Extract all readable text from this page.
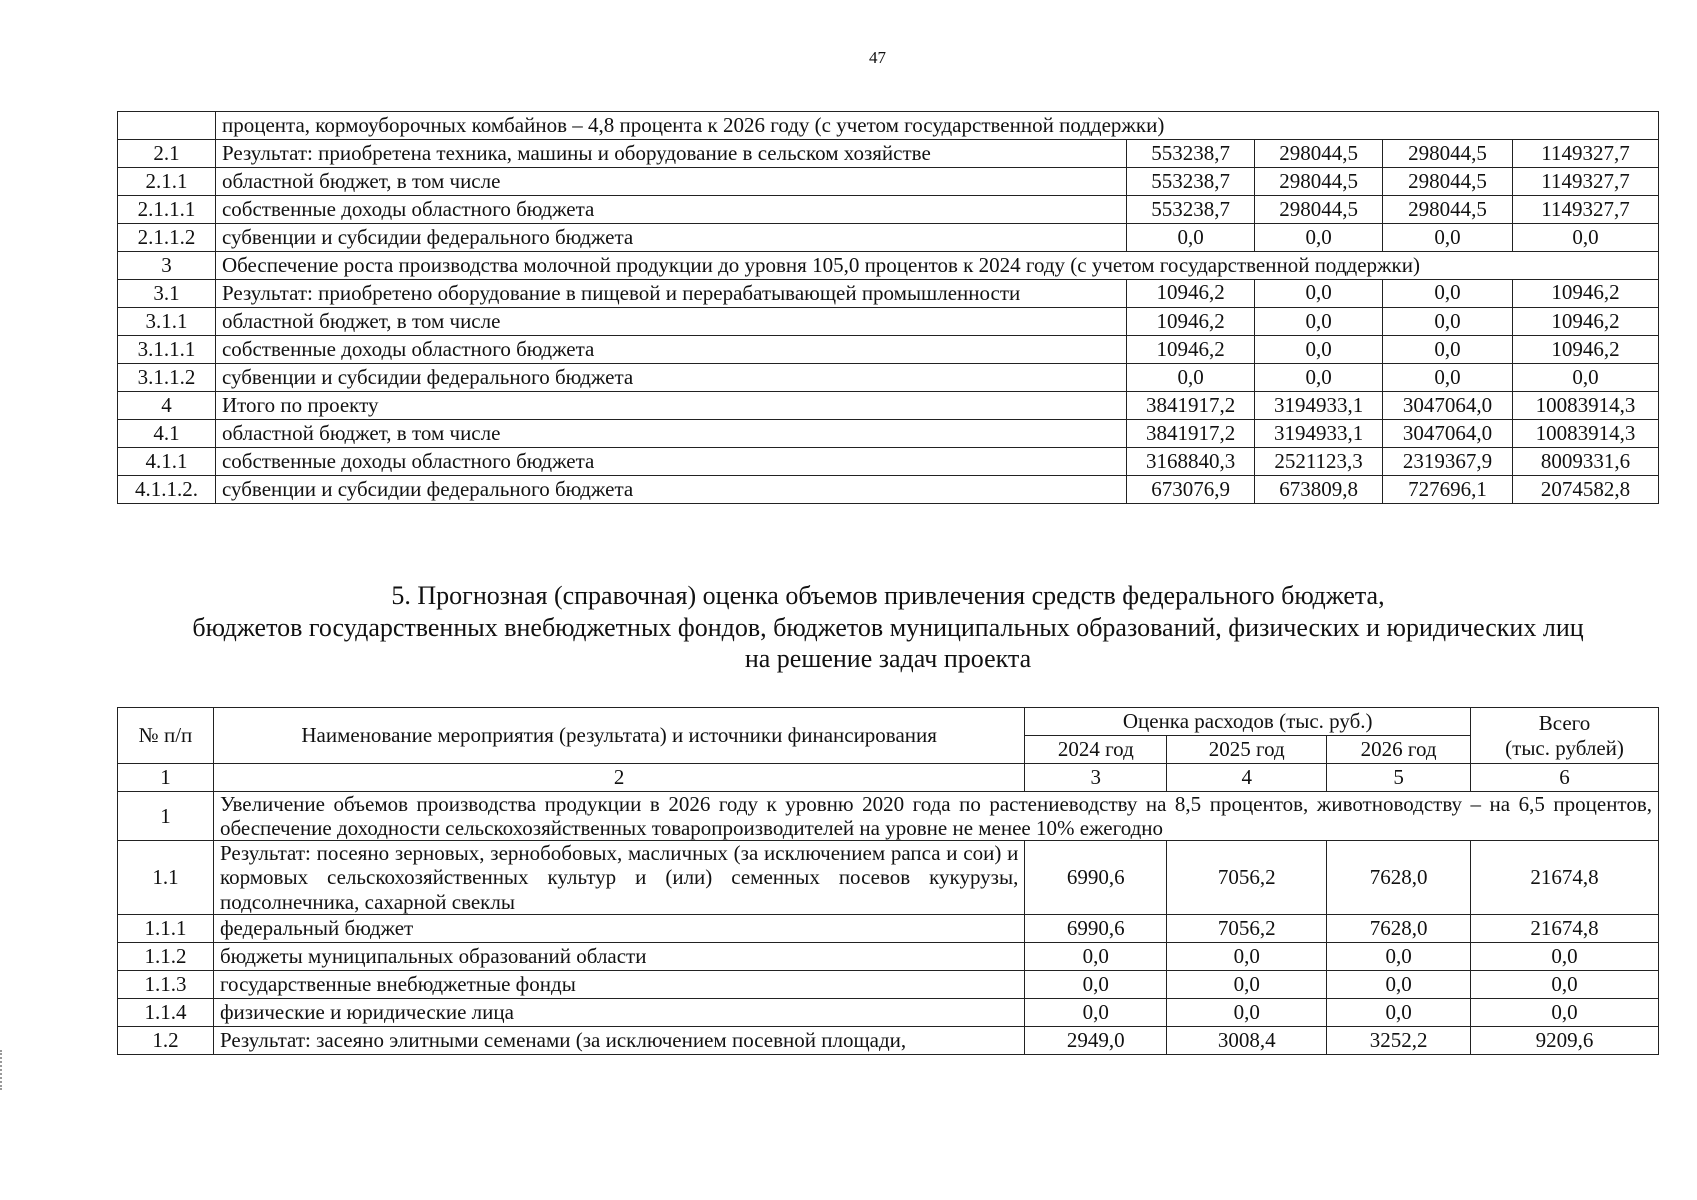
47
	процента, кормоуборочных комбайнов – 4,8 процента к 2026 году (с учетом государственной поддержки)				
2.1	Результат: приобретена техника, машины и оборудование в сельском хозяйстве	553238,7	298044,5	298044,5	1149327,7
2.1.1	областной бюджет, в том числе	553238,7	298044,5	298044,5	1149327,7
2.1.1.1	собственные доходы областного бюджета	553238,7	298044,5	298044,5	1149327,7
2.1.1.2	субвенции и субсидии федерального бюджета	0,0	0,0	0,0	0,0
3	Обеспечение роста производства молочной продукции до уровня 105,0 процентов к 2024 году (с учетом государственной поддержки)				
3.1	Результат: приобретено оборудование в пищевой и перерабатывающей промышленности	10946,2	0,0	0,0	10946,2
3.1.1	областной бюджет, в том числе	10946,2	0,0	0,0	10946,2
3.1.1.1	собственные доходы областного бюджета	10946,2	0,0	0,0	10946,2
3.1.1.2	субвенции и субсидии федерального бюджета	0,0	0,0	0,0	0,0
4	Итого по проекту	3841917,2	3194933,1	3047064,0	10083914,3
4.1	областной бюджет, в том числе	3841917,2	3194933,1	3047064,0	10083914,3
4.1.1	собственные доходы областного бюджета	3168840,3	2521123,3	2319367,9	8009331,6
4.1.1.2.	субвенции и субсидии федерального бюджета	673076,9	673809,8	727696,1	2074582,8
5. Прогнозная (справочная) оценка объемов привлечения средств федерального бюджета,
бюджетов государственных внебюджетных фондов, бюджетов муниципальных образований, физических и юридических лиц
на решение задач проекта
№ п/п	Наименование мероприятия (результата) и источники финансирования	Оценка расходов (тыс. руб.)			Всего
(тыс. рублей)

		2024 год	2025 год	2026 год	
1	2	3	4	5	6
1	Увеличение объемов производства продукции в 2026 году к уровню 2020 года по растениеводству на 8,5 процентов, животноводству – на 6,5 процентов, обеспечение доходности сельскохозяйственных товаропроизводителей на уровне не менее 10% ежегодно				
1.1	Результат: посеяно зерновых, зернобобовых, масличных (за исключением рапса и сои) и кормовых сельскохозяйственных культур и (или) семенных посевов кукурузы, подсолнечника, сахарной свеклы	6990,6	7056,2	7628,0	21674,8
1.1.1	федеральный бюджет	6990,6	7056,2	7628,0	21674,8
1.1.2	бюджеты муниципальных образований области	0,0	0,0	0,0	0,0
1.1.3	государственные внебюджетные фонды	0,0	0,0	0,0	0,0
1.1.4	физические и юридические лица	0,0	0,0	0,0	0,0
1.2	Результат: засеяно элитными семенами (за исключением посевной площади,	2949,0	3008,4	3252,2	9209,6
